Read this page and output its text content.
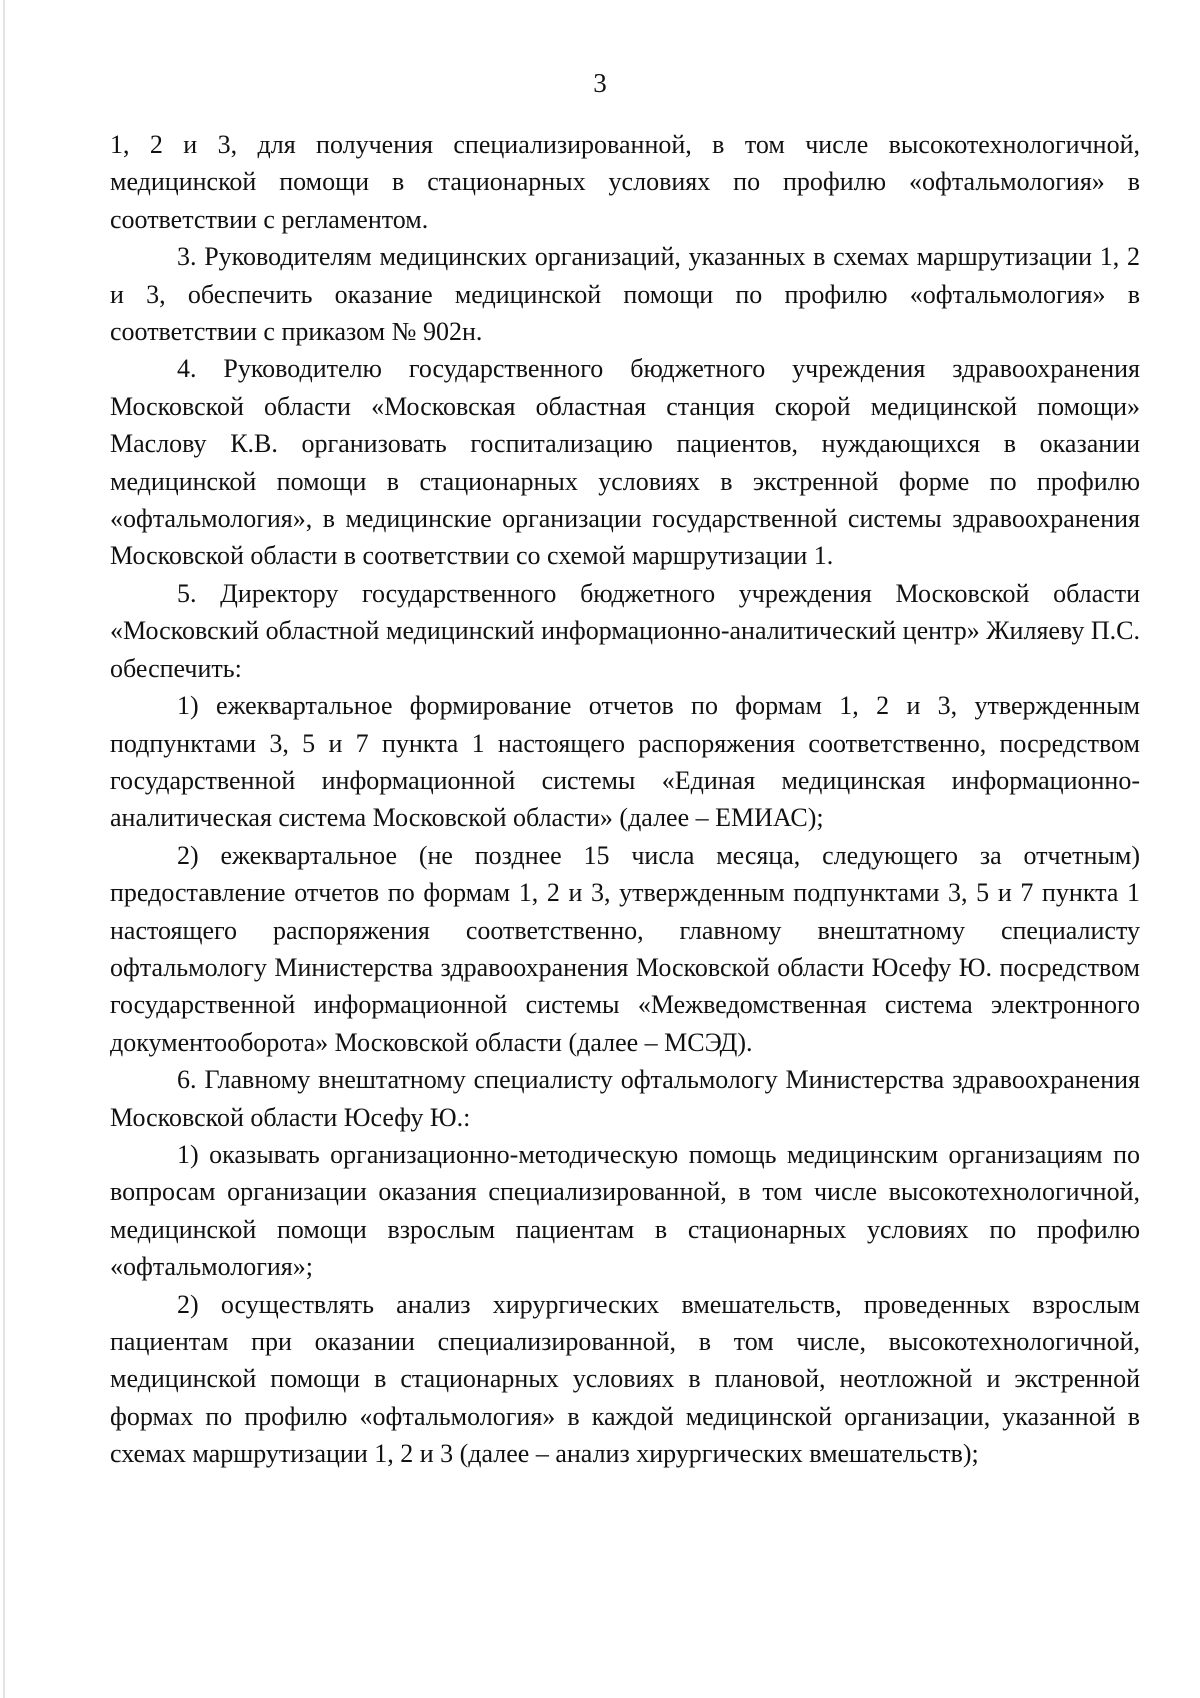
3

1, 2 и 3, для получения специализированной, в том числе высокотехнологичной, медицинской помощи в стационарных условиях по профилю «офтальмология» в соответствии с регламентом.

3. Руководителям медицинских организаций, указанных в схемах маршрутизации 1, 2 и 3, обеспечить оказание медицинской помощи по профилю «офтальмология» в соответствии с приказом № 902н.

4. Руководителю государственного бюджетного учреждения здравоохранения Московской области «Московская областная станция скорой медицинской помощи» Маслову К.В. организовать госпитализацию пациентов, нуждающихся в оказании медицинской помощи в стационарных условиях в экстренной форме по профилю «офтальмология», в медицинские организации государственной системы здравоохранения Московской области в соответствии со схемой маршрутизации 1.

5. Директору государственного бюджетного учреждения Московской области «Московский областной медицинский информационно-аналитический центр» Жиляеву П.С. обеспечить:

1) ежеквартальное формирование отчетов по формам 1, 2 и 3, утвержденным подпунктами 3, 5 и 7 пункта 1 настоящего распоряжения соответственно, посредством государственной информационной системы «Единая медицинская информационно-аналитическая система Московской области» (далее – ЕМИАС);

2) ежеквартальное (не позднее 15 числа месяца, следующего за отчетным) предоставление отчетов по формам 1, 2 и 3, утвержденным подпунктами 3, 5 и 7 пункта 1 настоящего распоряжения соответственно, главному внештатному специалисту офтальмологу Министерства здравоохранения Московской области Юсефу Ю. посредством государственной информационной системы «Межведомственная система электронного документооборота» Московской области (далее – МСЭД).

6. Главному внештатному специалисту офтальмологу Министерства здравоохранения Московской области Юсефу Ю.:

1) оказывать организационно-методическую помощь медицинским организациям по вопросам организации оказания специализированной, в том числе высокотехнологичной, медицинской помощи взрослым пациентам в стационарных условиях по профилю «офтальмология»;

2) осуществлять анализ хирургических вмешательств, проведенных взрослым пациентам при оказании специализированной, в том числе, высокотехнологичной, медицинской помощи в стационарных условиях в плановой, неотложной и экстренной формах по профилю «офтальмология» в каждой медицинской организации, указанной в схемах маршрутизации 1, 2 и 3 (далее – анализ хирургических вмешательств);
